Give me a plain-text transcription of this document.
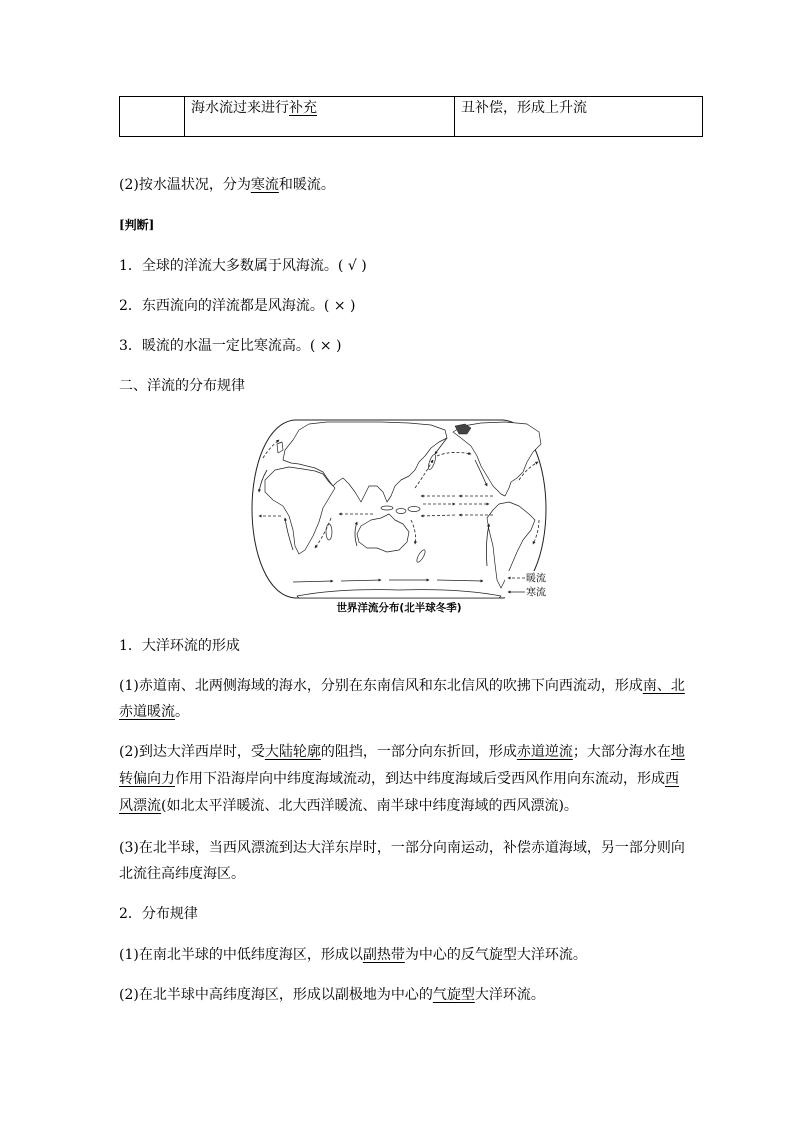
海水流过来进行补充	丑补偿，形成上升流
(2)按水温状况，分为寒流和暖流。
[判断]
1．全球的洋流大多数属于风海流。( √ )
2．东西流向的洋流都是风海流。( × )
3．暖流的水温一定比寒流高。( × )
二、洋流的分布规律
暖流
寒流
世界洋流分布(北半球冬季)
1．大洋环流的形成
(1)赤道南、北两侧海域的海水，分别在东南信风和东北信风的吹拂下向西流动，形成南、北
赤道暖流。
(2)到达大洋西岸时，受大陆轮廓的阻挡，一部分向东折回，形成赤道逆流；大部分海水在地
转偏向力作用下沿海岸向中纬度海域流动，到达中纬度海域后受西风作用向东流动，形成西
风漂流(如北太平洋暖流、北大西洋暖流、南半球中纬度海域的西风漂流)。
(3)在北半球，当西风漂流到达大洋东岸时，一部分向南运动，补偿赤道海域，另一部分则向
北流往高纬度海区。
2．分布规律
(1)在南北半球的中低纬度海区，形成以副热带为中心的反气旋型大洋环流。
(2)在北半球中高纬度海区，形成以副极地为中心的气旋型大洋环流。
